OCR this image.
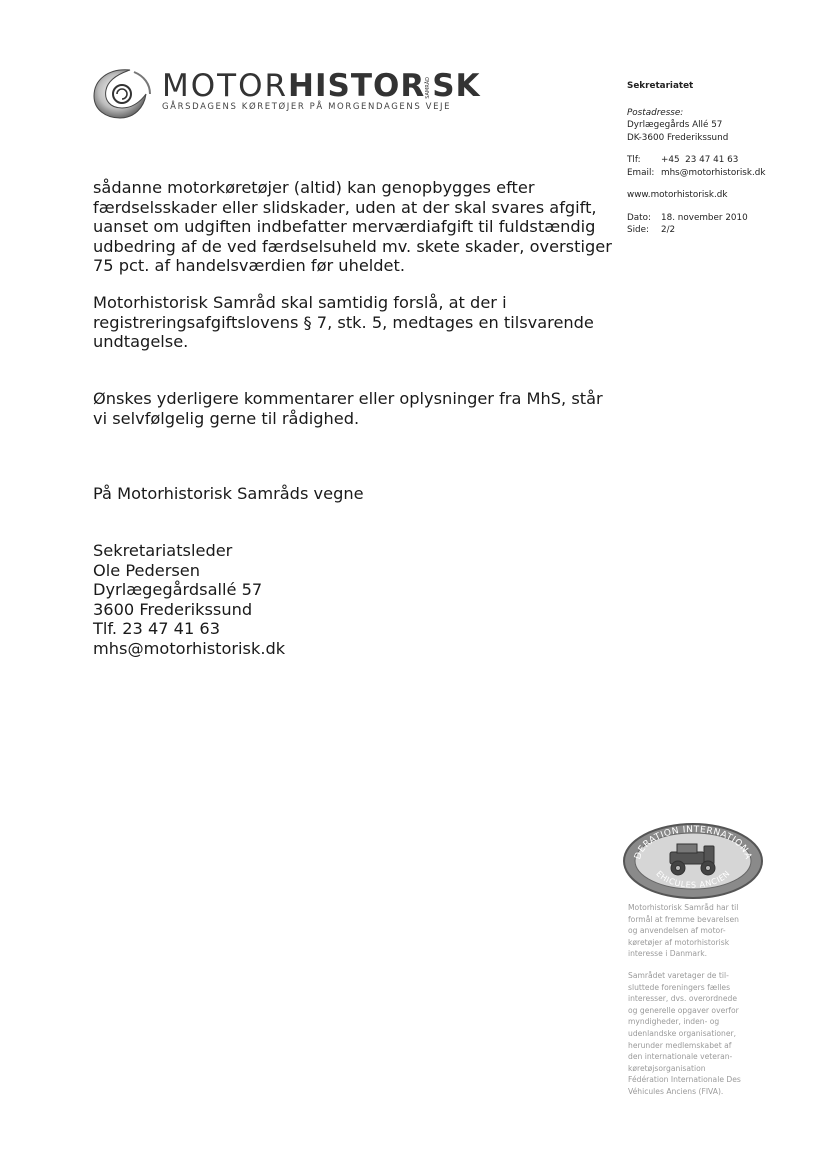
MOTORHISTORSAMRÅDSK
GÅRSDAGENS KØRETØJER PÅ MORGENDAGENS VEJE
Sekretariatet
Postadresse:
Dyrlægegårds Allé 57
DK-3600 Frederikssund
Tlf:	+45  23 47 41 63
Email: mhs@motorhistorisk.dk
www.motorhistorisk.dk
Dato:	18. november 2010
Side:	2/2

sådanne motorkøretøjer (altid) kan genopbygges efter

færdselsskader eller slidskader, uden at der skal svares afgift,

uanset om udgiften indbefatter merværdiafgift til fuldstændig

udbedring af de ved færdselsuheld mv. skete skader, overstiger

75 pct. af handelsværdien før uheldet.

Motorhistorisk Samråd skal samtidig forslå, at der i

registreringsafgiftslovens § 7, stk. 5, medtages en tilsvarende

undtagelse.

Ønskes yderligere kommentarer eller oplysninger fra MhS, står

vi selvfølgelig gerne til rådighed.

På Motorhistorisk Samråds vegne

Sekretariatsleder

Ole Pedersen

Dyrlægegårdsallé 57

3600 Frederikssund

Tlf. 23 47 41 63

mhs@motorhistorisk.dk

DERATION INTERNATIONA
EHICULES ANCIEN

Motorhistorisk Samråd har til
formål at fremme bevarelsen
og anvendelsen af motor-
køretøjer af motorhistorisk
interesse i Danmark.

Samrådet varetager de til-
sluttede foreningers fælles
interesser, dvs. overordnede
og generelle opgaver overfor
myndigheder, inden- og
udenlandske organisationer,
herunder medlemskabet af
den internationale veteran-
køretøjsorganisation
Fédération Internationale Des
Véhicules Anciens (FIVA).
